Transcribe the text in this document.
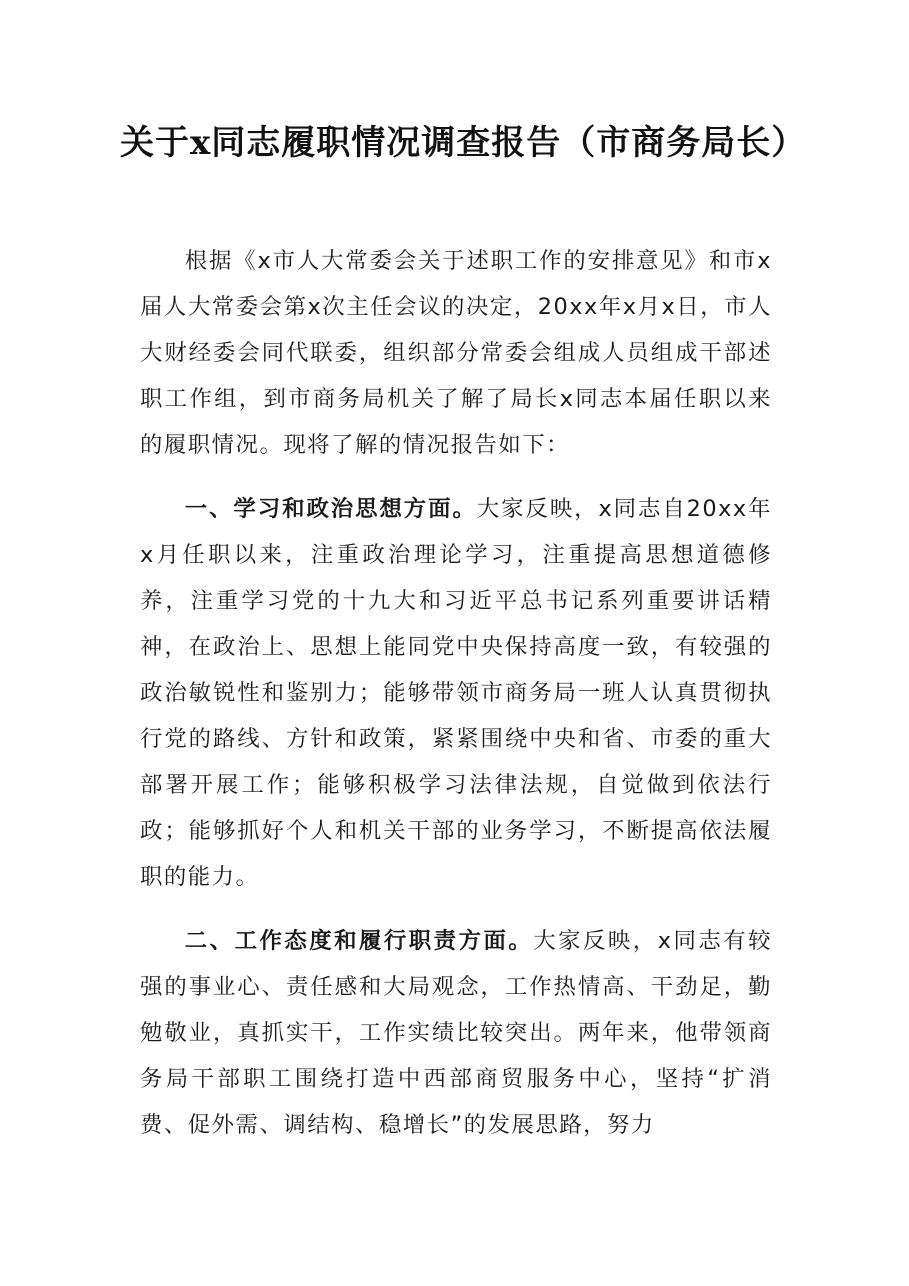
关于x同志履职情况调查报告（市商务局长）

根据《x市人大常委会关于述职工作的安排意见》和市x届人大常委会第x次主任会议的决定，20xx年x月x日，市人大财经委会同代联委，组织部分常委会组成人员组成干部述职工作组，到市商务局机关了解了局长x同志本届任职以来的履职情况。现将了解的情况报告如下：

一、学习和政治思想方面。大家反映，x同志自20xx年x月任职以来，注重政治理论学习，注重提高思想道德修养，注重学习党的十九大和习近平总书记系列重要讲话精神，在政治上、思想上能同党中央保持高度一致，有较强的政治敏锐性和鉴别力；能够带领市商务局一班人认真贯彻执行党的路线、方针和政策，紧紧围绕中央和省、市委的重大部署开展工作；能够积极学习法律法规，自觉做到依法行政；能够抓好个人和机关干部的业务学习，不断提高依法履职的能力。

二、工作态度和履行职责方面。大家反映，x同志有较强的事业心、责任感和大局观念，工作热情高、干劲足，勤勉敬业，真抓实干，工作实绩比较突出。两年来，他带领商务局干部职工围绕打造中西部商贸服务中心，坚持“扩消费、促外需、调结构、稳增长”的发展思路，努力
